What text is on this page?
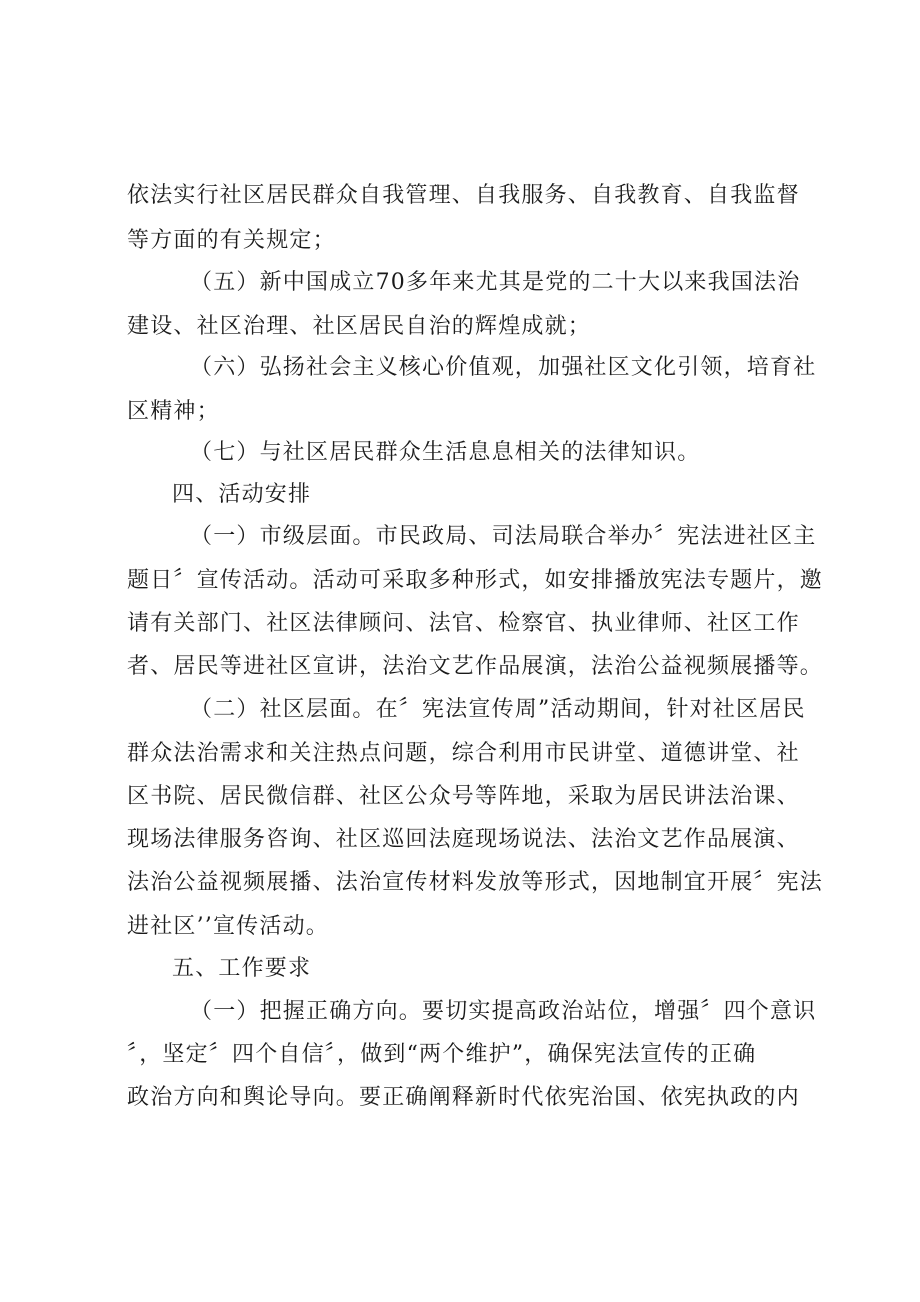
依法实行社区居民群众自我管理、自我服务、自我教育、自我监督
等方面的有关规定；
（五）新中国成立70多年来尤其是党的二十大以来我国法治
建设、社区治理、社区居民自治的辉煌成就；
（六）弘扬社会主义核心价值观，加强社区文化引领，培育社
区精神；
（七）与社区居民群众生活息息相关的法律知识。
四、活动安排
（一）市级层面。市民政局、司法局联合举办〞宪法进社区主
题日〞宣传活动。活动可采取多种形式，如安排播放宪法专题片，邀
请有关部门、社区法律顾问、法官、检察官、执业律师、社区工作
者、居民等进社区宣讲，法治文艺作品展演，法治公益视频展播等。
（二）社区层面。在〞宪法宣传周”活动期间，针对社区居民
群众法治需求和关注热点问题，综合利用市民讲堂、道德讲堂、社
区书院、居民微信群、社区公众号等阵地，采取为居民讲法治课、
现场法律服务咨询、社区巡回法庭现场说法、法治文艺作品展演、
法治公益视频展播、法治宣传材料发放等形式，因地制宜开展〞宪法
进社区’’宣传活动。
五、工作要求
（一）把握正确方向。要切实提高政治站位，增强〞四个意识
〞，坚定〞四个自信〞，做到“两个维护”，确保宪法宣传的正确
政治方向和舆论导向。要正确阐释新时代依宪治国、依宪执政的内
